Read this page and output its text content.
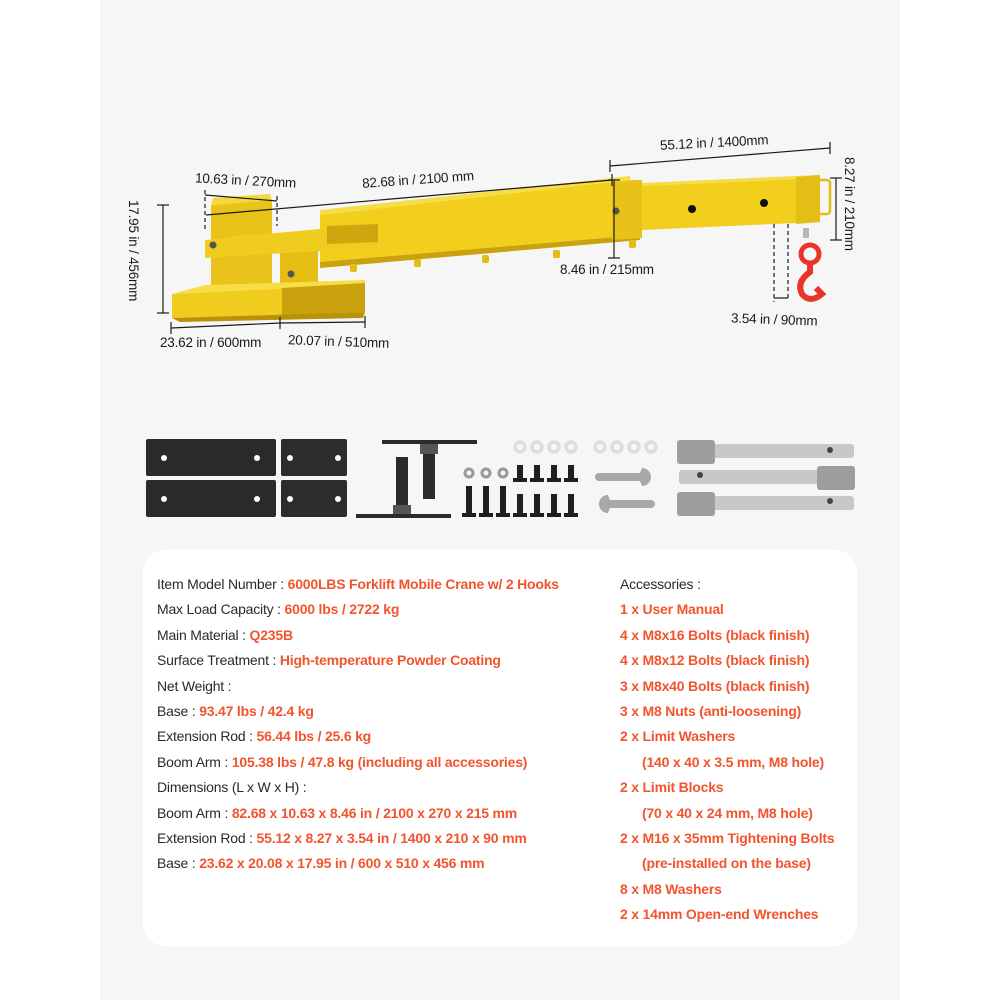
10.63 in / 270mm	82.68 in / 2100 mm
55.12 in / 1400mm
8.27 in / 210mm
17.95 in / 456mm	8.46 in / 215mm
3.54 in / 90mm
23.62 in / 600mm 20.07 in / 510mm
Item Model Number : 6000LBS Forklift Mobile Crane w/ 2 Hooks
Max Load Capacity : 6000 lbs / 2722 kg
Main Material : Q235B
Surface Treatment : High-temperature Powder Coating
Net Weight :
Base : 93.47 lbs / 42.4 kg
Extension Rod : 56.44 lbs / 25.6 kg
Boom Arm : 105.38 lbs / 47.8 kg (including all accessories)
Dimensions (L x W x H) :
Boom Arm : 82.68 x 10.63 x 8.46 in / 2100 x 270 x 215 mm
Extension Rod : 55.12 x 8.27 x 3.54 in / 1400 x 210 x 90 mm
Base : 23.62 x 20.08 x 17.95 in / 600 x 510 x 456 mm
Accessories :
1 x User Manual
4 x M8x16 Bolts (black finish)
4 x M8x12 Bolts (black finish)
3 x M8x40 Bolts (black finish)
3 x M8 Nuts (anti-loosening)
2 x Limit Washers
(140 x 40 x 3.5 mm, M8 hole)
2 x Limit Blocks
(70 x 40 x 24 mm, M8 hole)
2 x M16 x 35mm Tightening Bolts
(pre-installed on the base)
8 x M8 Washers
2 x 14mm Open-end Wrenches
